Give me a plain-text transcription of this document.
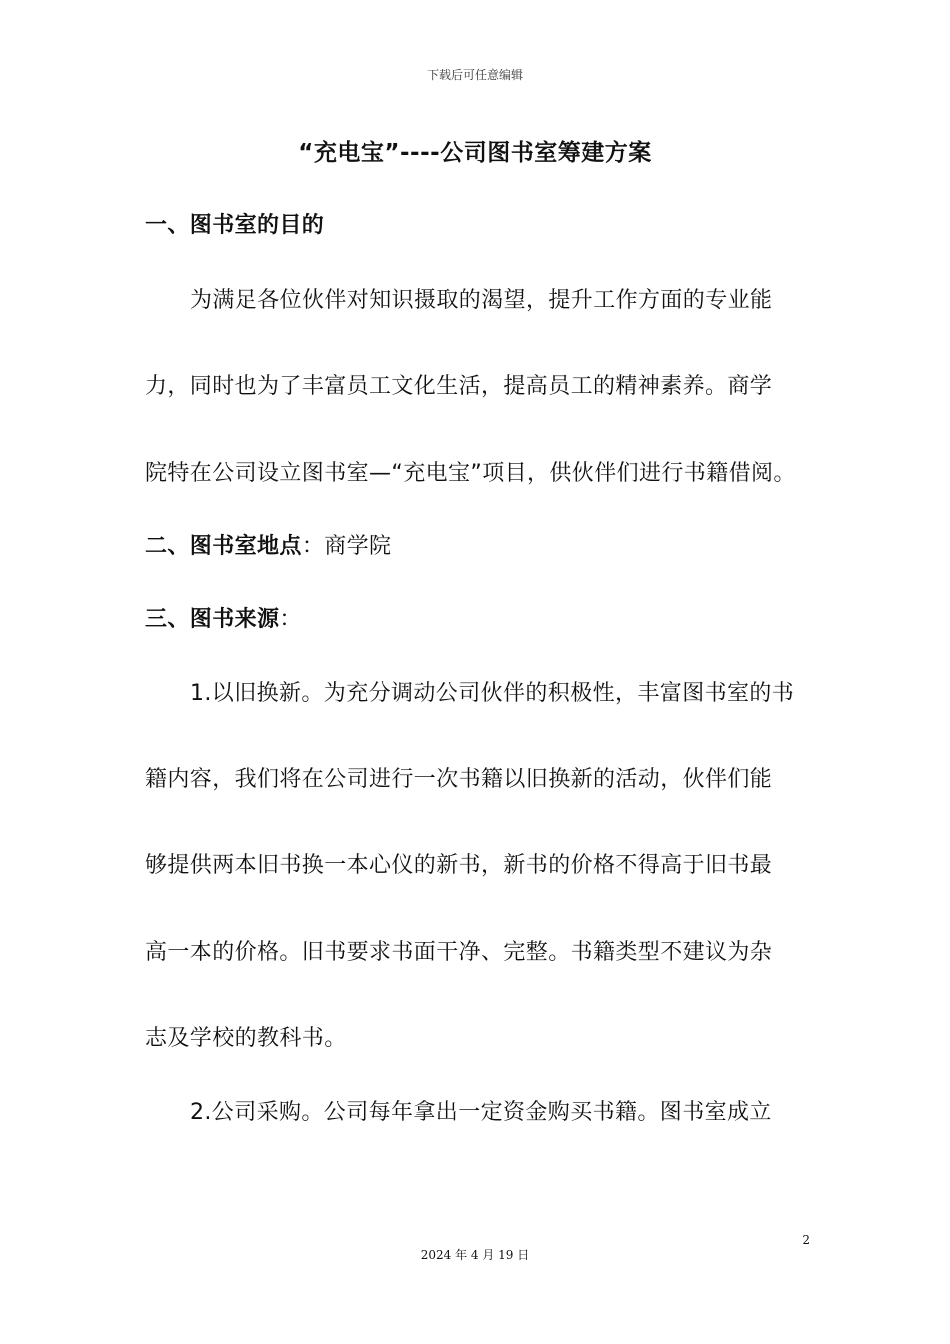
下载后可任意编辑
“充电宝”----公司图书室筹建方案
一、图书室的目的
为满足各位伙伴对知识摄取的渴望，提升工作方面的专业能
力，同时也为了丰富员工文化生活，提高员工的精神素养。商学
院特在公司设立图书室—“充电宝”项目，供伙伴们进行书籍借阅。
二、图书室地点：商学院
三、图书来源：
1.以旧换新。为充分调动公司伙伴的积极性，丰富图书室的书
籍内容，我们将在公司进行一次书籍以旧换新的活动，伙伴们能
够提供两本旧书换一本心仪的新书，新书的价格不得高于旧书最
高一本的价格。旧书要求书面干净、完整。书籍类型不建议为杂
志及学校的教科书。
2.公司采购。公司每年拿出一定资金购买书籍。图书室成立
2
2024 年 4 月 19 日
